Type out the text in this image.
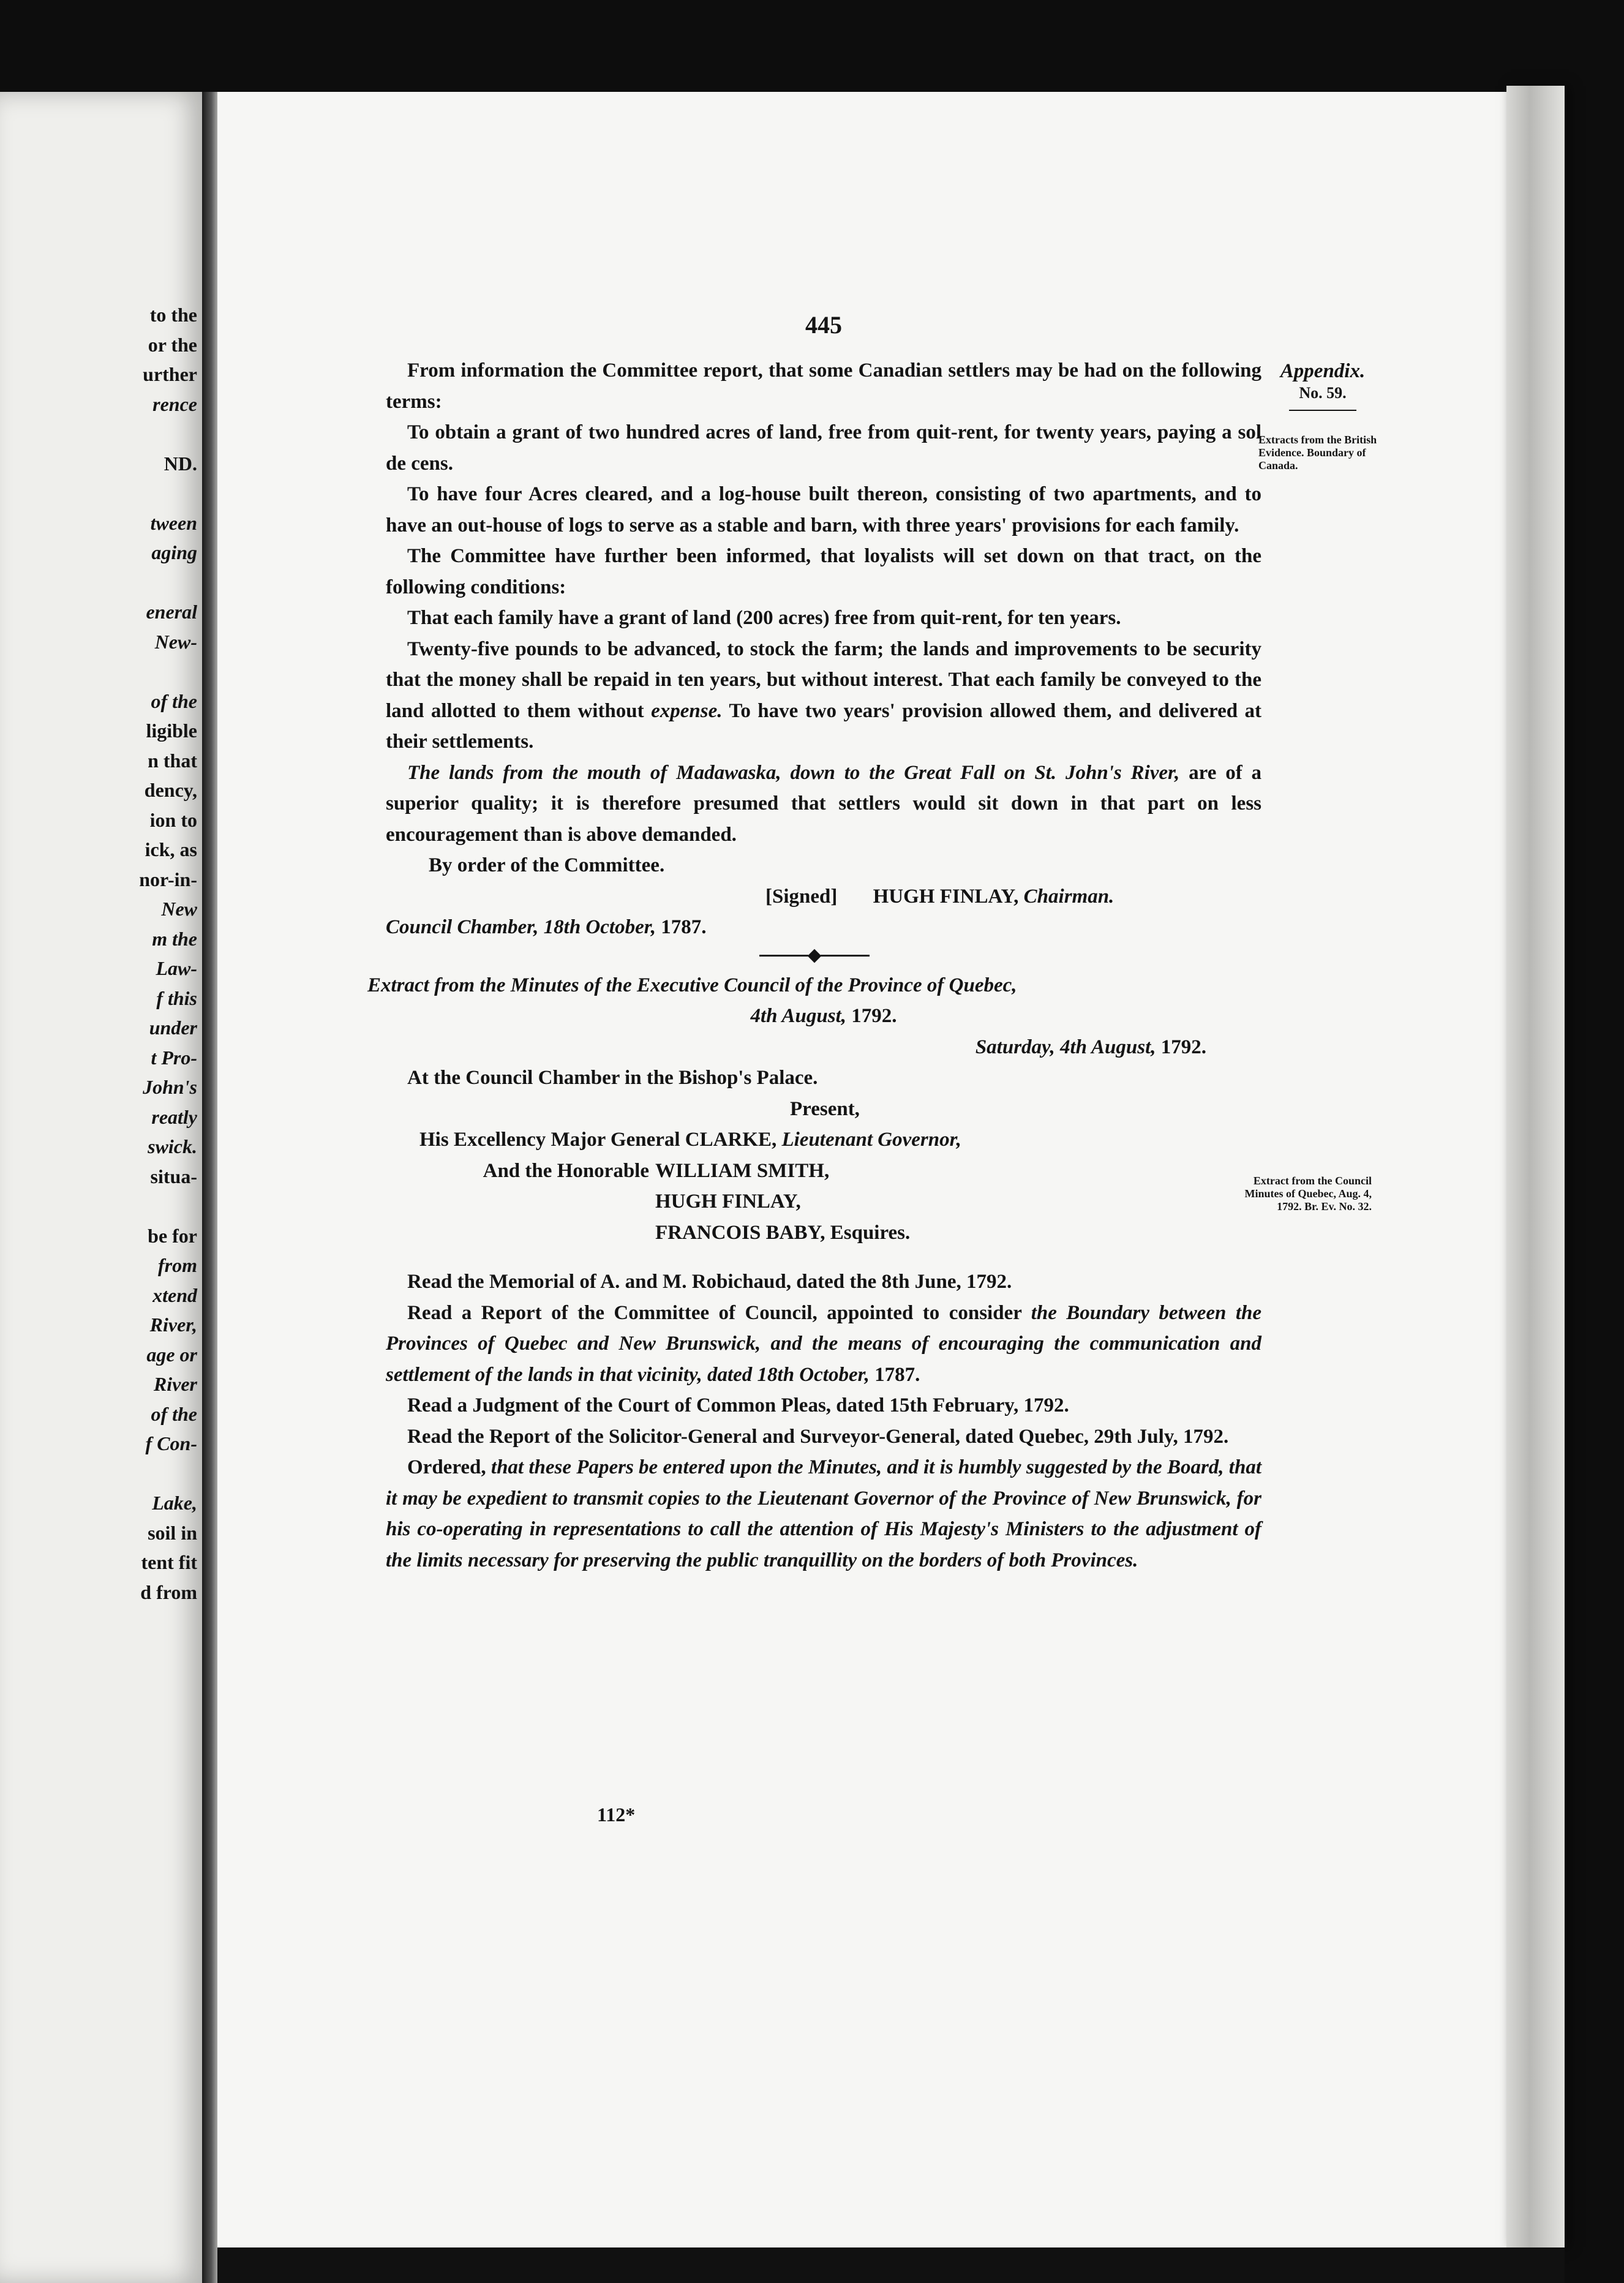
to the
or the
urther
rence
ND.
tween
aging
eneral
New-
of the
ligible
n that
dency,
ion to
ick, as
nor-in-
New
m the
Law-
f this
under
t Pro-
John's
reatly
swick.
situa-
be for
from
xtend
River,
age or
River
of the
f Con-
Lake,
soil in
tent fit
d from
445
Appendix.
No. 59.
Extracts from the British Evidence. Boundary of Canada.
Extract from the Council Minutes of Quebec, Aug. 4, 1792. Br. Ev. No. 32.

From information the Committee report, that some Canadian settlers may be had on the following terms:

To obtain a grant of two hundred acres of land, free from quit-rent, for twenty years, paying a sol de cens.

To have four Acres cleared, and a log-house built thereon, consisting of two apartments, and to have an out-house of logs to serve as a stable and barn, with three years' provisions for each family.

The Committee have further been informed, that loyalists will set down on that tract, on the following conditions:

That each family have a grant of land (200 acres) free from quit-rent, for ten years.

Twenty-five pounds to be advanced, to stock the farm; the lands and improvements to be security that the money shall be repaid in ten years, but without interest. That each family be conveyed to the land allotted to them without expense. To have two years' provision allowed them, and delivered at their settlements.

The lands from the mouth of Madawaska, down to the Great Fall on St. John's River, are of a superior quality; it is therefore presumed that settlers would sit down in that part on less encouragement than is above demanded.

By order of the Committee.

[Signed] HUGH FINLAY, Chairman.

Council Chamber, 18th October, 1787.

Extract from the Minutes of the Executive Council of the Province of Quebec,

4th August, 1792.

Saturday, 4th August, 1792.

At the Council Chamber in the Bishop's Palace.

Present,

His Excellency Major General CLARKE, Lieutenant Governor,

And the Honorable WILLIAM SMITH,
HUGH FINLAY,
FRANCOIS BABY, Esquires.

Read the Memorial of A. and M. Robichaud, dated the 8th June, 1792.

Read a Report of the Committee of Council, appointed to consider the Boundary between the Provinces of Quebec and New Brunswick, and the means of encouraging the communication and settlement of the lands in that vicinity, dated 18th October, 1787.

Read a Judgment of the Court of Common Pleas, dated 15th February, 1792.

Read the Report of the Solicitor-General and Surveyor-General, dated Quebec, 29th July, 1792.

Ordered, that these Papers be entered upon the Minutes, and it is humbly suggested by the Board, that it may be expedient to transmit copies to the Lieutenant Governor of the Province of New Brunswick, for his co-operating in representations to call the attention of His Majesty's Ministers to the adjustment of the limits necessary for preserving the public tranquillity on the borders of both Provinces.

112*
